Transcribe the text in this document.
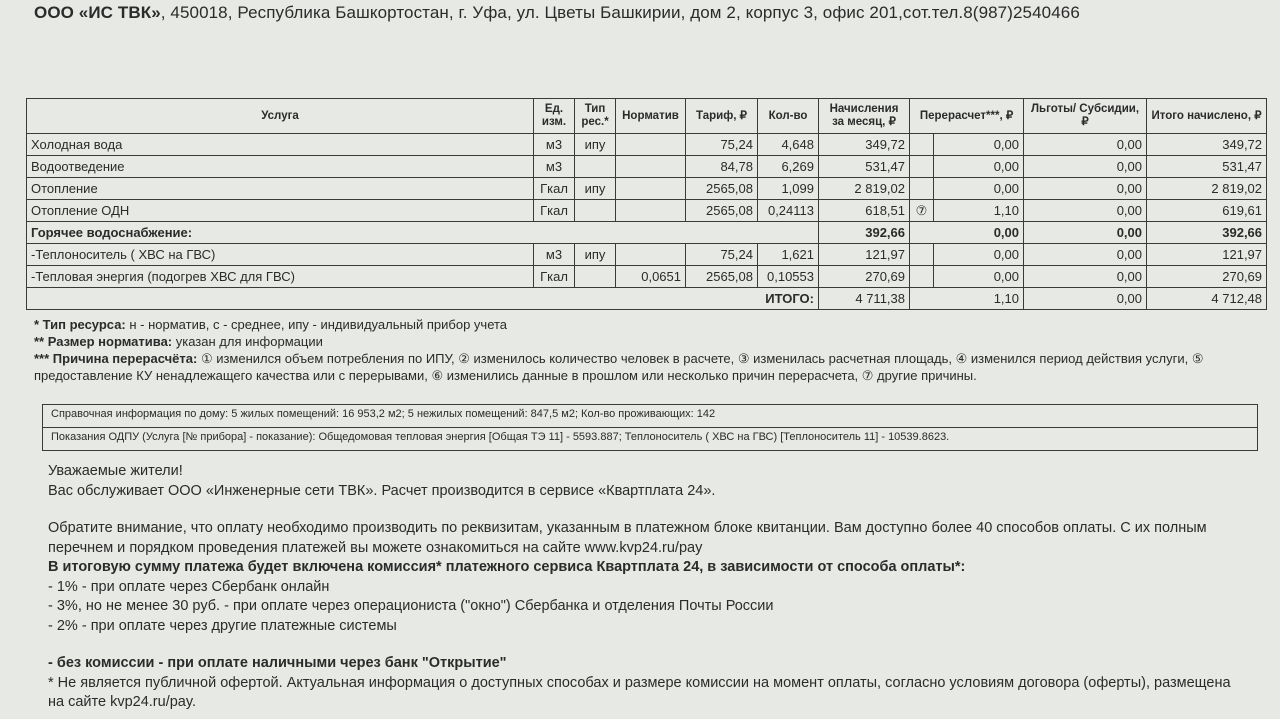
ООО «ИС ТВК», 450018, Республика Башкортостан, г. Уфа, ул. Цветы Башкирии, дом 2, корпус 3, офис 201,сот.тел.8(987)2540466
Услуга	Ед. изм.	Тип рес.*	Норматив	Тариф, ₽	Кол-во	Начисления за месяц, ₽	Перерасчет***, ₽		Льготы/ Субсидии, ₽	Итого начислено, ₽
Холодная вода	м3	ипу		75,24	4,648	349,72		0,00	0,00	349,72
Водоотведение	м3			84,78	6,269	531,47		0,00	0,00	531,47
Отопление	Гкал	ипу		2565,08	1,099	2 819,02		0,00	0,00	2 819,02
Отопление ОДН	Гкал			2565,08	0,24113	618,51	⑦	1,10	0,00	619,61
Горячее водоснабжение:						392,66	0,00		0,00	392,66
-Теплоноситель ( ХВС на ГВС)	м3	ипу		75,24	1,621	121,97		0,00	0,00	121,97
-Тепловая энергия (подогрев ХВС для ГВС)	Гкал		0,0651	2565,08	0,10553	270,69		0,00	0,00	270,69
ИТОГО:						4 711,38	1,10		0,00	4 712,48
* Тип ресурса: н - норматив, с - среднее, ипу - индивидуальный прибор учета
** Размер норматива: указан для информации
*** Причина перерасчёта: ① изменился объем потребления по ИПУ, ② изменилось количество человек в расчете, ③ изменилась расчетная площадь, ④ изменился период действия услуги, ⑤ предоставление КУ ненадлежащего качества или с перерывами, ⑥ изменились данные в прошлом или несколько причин перерасчета, ⑦ другие причины.
Справочная информация по дому: 5 жилых помещений: 16 953,2 м2; 5 нежилых помещений: 847,5 м2; Кол-во проживающих: 142
Показания ОДПУ (Услуга [№ прибора] - показание): Общедомовая тепловая энергия [Общая ТЭ 11] - 5593.887; Теплоноситель ( ХВС на ГВС) [Теплоноситель 11] - 10539.8623.

Уважаемые жители!

Вас обслуживает ООО «Инженерные сети ТВК». Расчет производится в сервисе «Квартплата 24».

Обратите внимание, что оплату необходимо производить по реквизитам, указанным в платежном блоке квитанции. Вам доступно более 40 способов оплаты. С их полным перечнем и порядком проведения платежей вы можете ознакомиться на сайте www.kvp24.ru/pay

В итоговую сумму платежа будет включена комиссия* платежного сервиса Квартплата 24, в зависимости от способа оплаты*:

- 1% - при оплате через Сбербанк онлайн

- 3%, но не менее 30 руб. - при оплате через операциониста ("окно") Сбербанка и отделения Почты России

- 2% - при оплате через другие платежные системы

- без комиссии - при оплате наличными через банк "Открытие"

* Не является публичной офертой. Актуальная информация о доступных способах и размере комиссии на момент оплаты, согласно условиям договора (оферты), размещена на сайте kvp24.ru/pay.
